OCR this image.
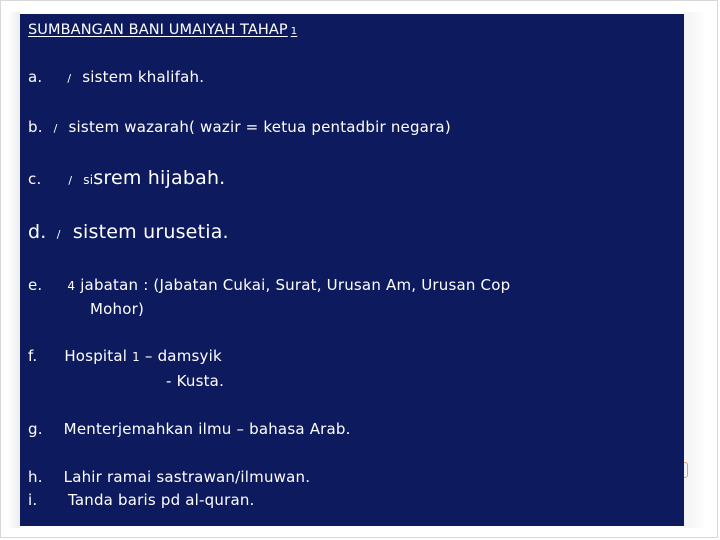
SUMBANGAN BANI UMAIYAH TAHAP 1
a. / sistem khalifah.
b. / sistem wazarah( wazir = ketua pentadbir negara)
c. / sisrem hijabah.
d. / sistem urusetia.
e. 4 jabatan : (Jabatan Cukai, Surat, Urusan Am, Urusan Cop
Mohor)
f. Hospital 1 – damsyik
- Kusta.
g. Menterjemahkan ilmu – bahasa Arab.
h. Lahir ramai sastrawan/ilmuwan.
i. Tanda baris pd al-quran.
